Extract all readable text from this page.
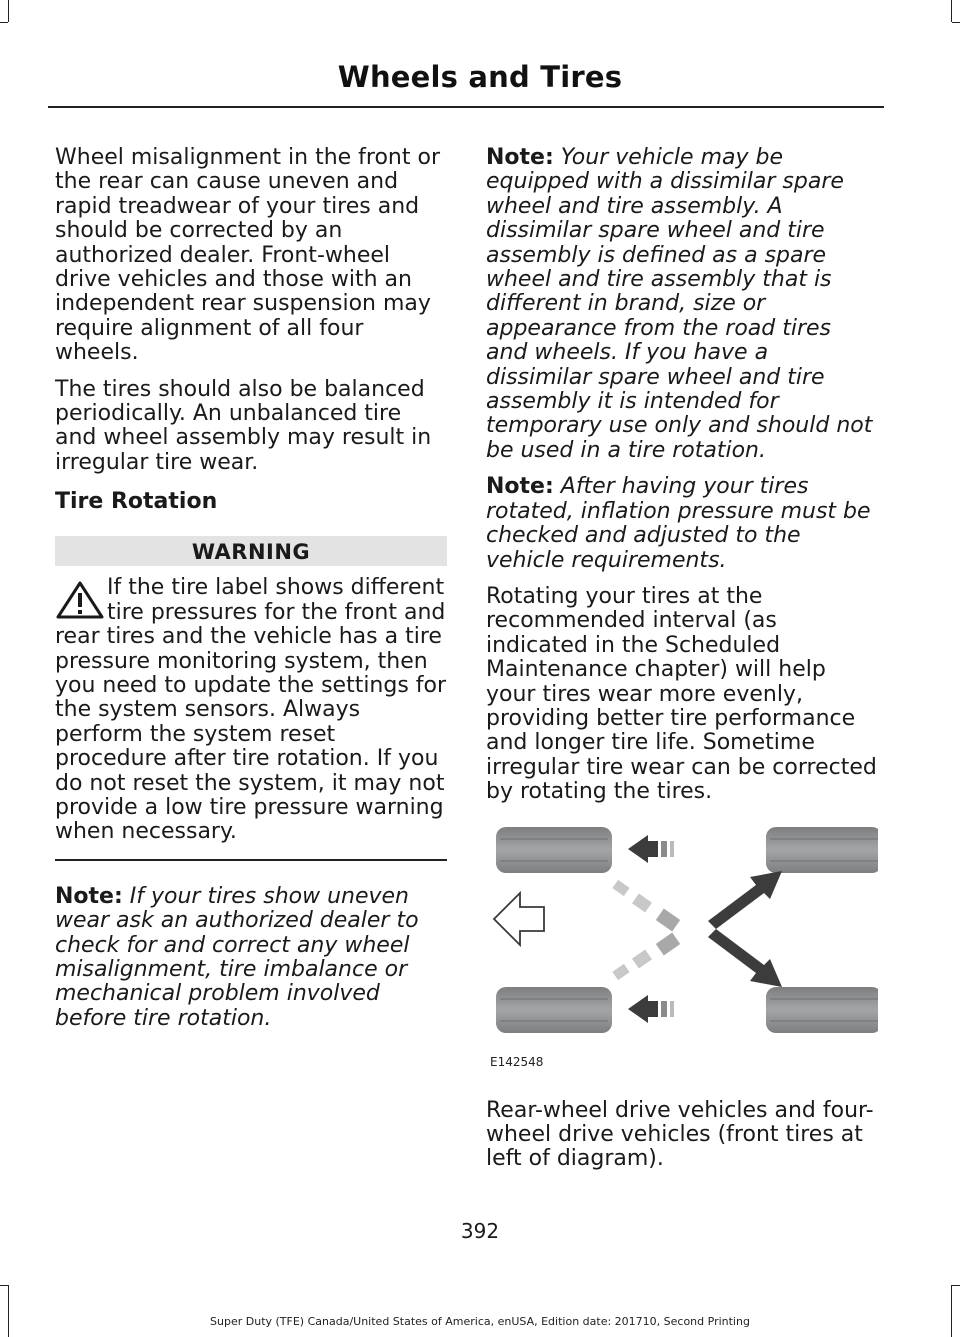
Wheels and Tires

Wheel misalignment in the front or the rear can cause uneven and rapid treadwear of your tires and should be corrected by an authorized dealer. Front-wheel drive vehicles and those with an independent rear suspension may require alignment of all four wheels.

The tires should also be balanced periodically. An unbalanced tire and wheel assembly may result in irregular tire wear.

Tire Rotation
WARNING
If the tire label shows different tire pressures for the front and rear tires and the vehicle has a tire pressure monitoring system, then you need to update the settings for the system sensors. Always perform the system reset procedure after tire rotation. If you do not reset the system, it may not provide a low tire pressure warning when necessary.

Note: If your tires show uneven wear ask an authorized dealer to check for and correct any wheel misalignment, tire imbalance or mechanical problem involved before tire rotation.

Note: Your vehicle may be equipped with a dissimilar spare wheel and tire assembly. A dissimilar spare wheel and tire assembly is defined as a spare wheel and tire assembly that is different in brand, size or appearance from the road tires and wheels. If you have a dissimilar spare wheel and tire assembly it is intended for temporary use only and should not be used in a tire rotation.

Note: After having your tires rotated, inflation pressure must be checked and adjusted to the vehicle requirements.

Rotating your tires at the recommended interval (as indicated in the Scheduled Maintenance chapter) will help your tires wear more evenly, providing better tire performance and longer tire life. Sometime irregular tire wear can be corrected by rotating the tires.

E142548

Rear-wheel drive vehicles and four-wheel drive vehicles (front tires at left of diagram).

392
Super Duty (TFE) Canada/United States of America, enUSA, Edition date: 201710, Second Printing
